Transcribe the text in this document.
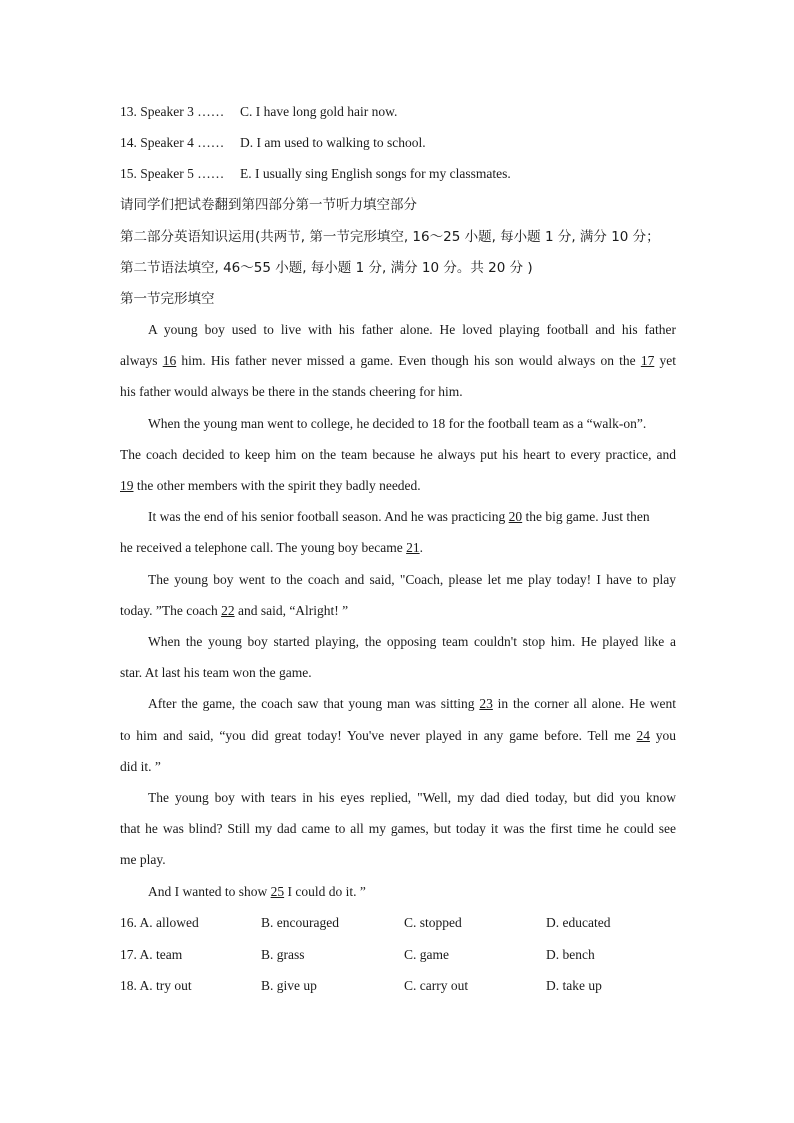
13. Speaker 3 …… C. I have long gold hair now.
14. Speaker 4 …… D. I am used to walking to school.
15. Speaker 5 …… E. I usually sing English songs for my classmates.
请同学们把试卷翻到第四部分第一节听力填空部分
第二部分英语知识运用(共两节, 第一节完形填空, 16～25 小题, 每小题 1 分, 满分 10 分；
第二节语法填空, 46～55 小题, 每小题 1 分, 满分 10 分。共 20 分 )
第一节完形填空
A young boy used to live with his father alone. He loved playing football and his father
always 16 him. His father never missed a game. Even though his son would always on the 17 yet
his father would always be there in the stands cheering for him.
When the young man went to college, he decided to 18 for the football team as a “walk-on”.
The coach decided to keep him on the team because he always put his heart to every practice, and
19 the other members with the spirit they badly needed.
It was the end of his senior football season. And he was practicing 20 the big game. Just then
he received a telephone call. The young boy became 21.
The young boy went to the coach and said, "Coach, please let me play today! I have to play
today. ”The coach 22 and said, “Alright! ”
When the young boy started playing, the opposing team couldn't stop him. He played like a
star. At last his team won the game.
After the game, the coach saw that young man was sitting 23 in the corner all alone. He went
to him and said, “you did great today! You've never played in any game before. Tell me 24 you
did it. ”
The young boy with tears in his eyes replied, "Well, my dad died today, but did you know
that he was blind? Still my dad came to all my games, but today it was the first time he could see
me play.
And I wanted to show 25 I could do it. ”
16. A. allowed	B. encouraged	C. stopped	D. educated
17. A. team	B. grass	C. game	D. bench
18. A. try out	B. give up	C. carry out	D. take up
